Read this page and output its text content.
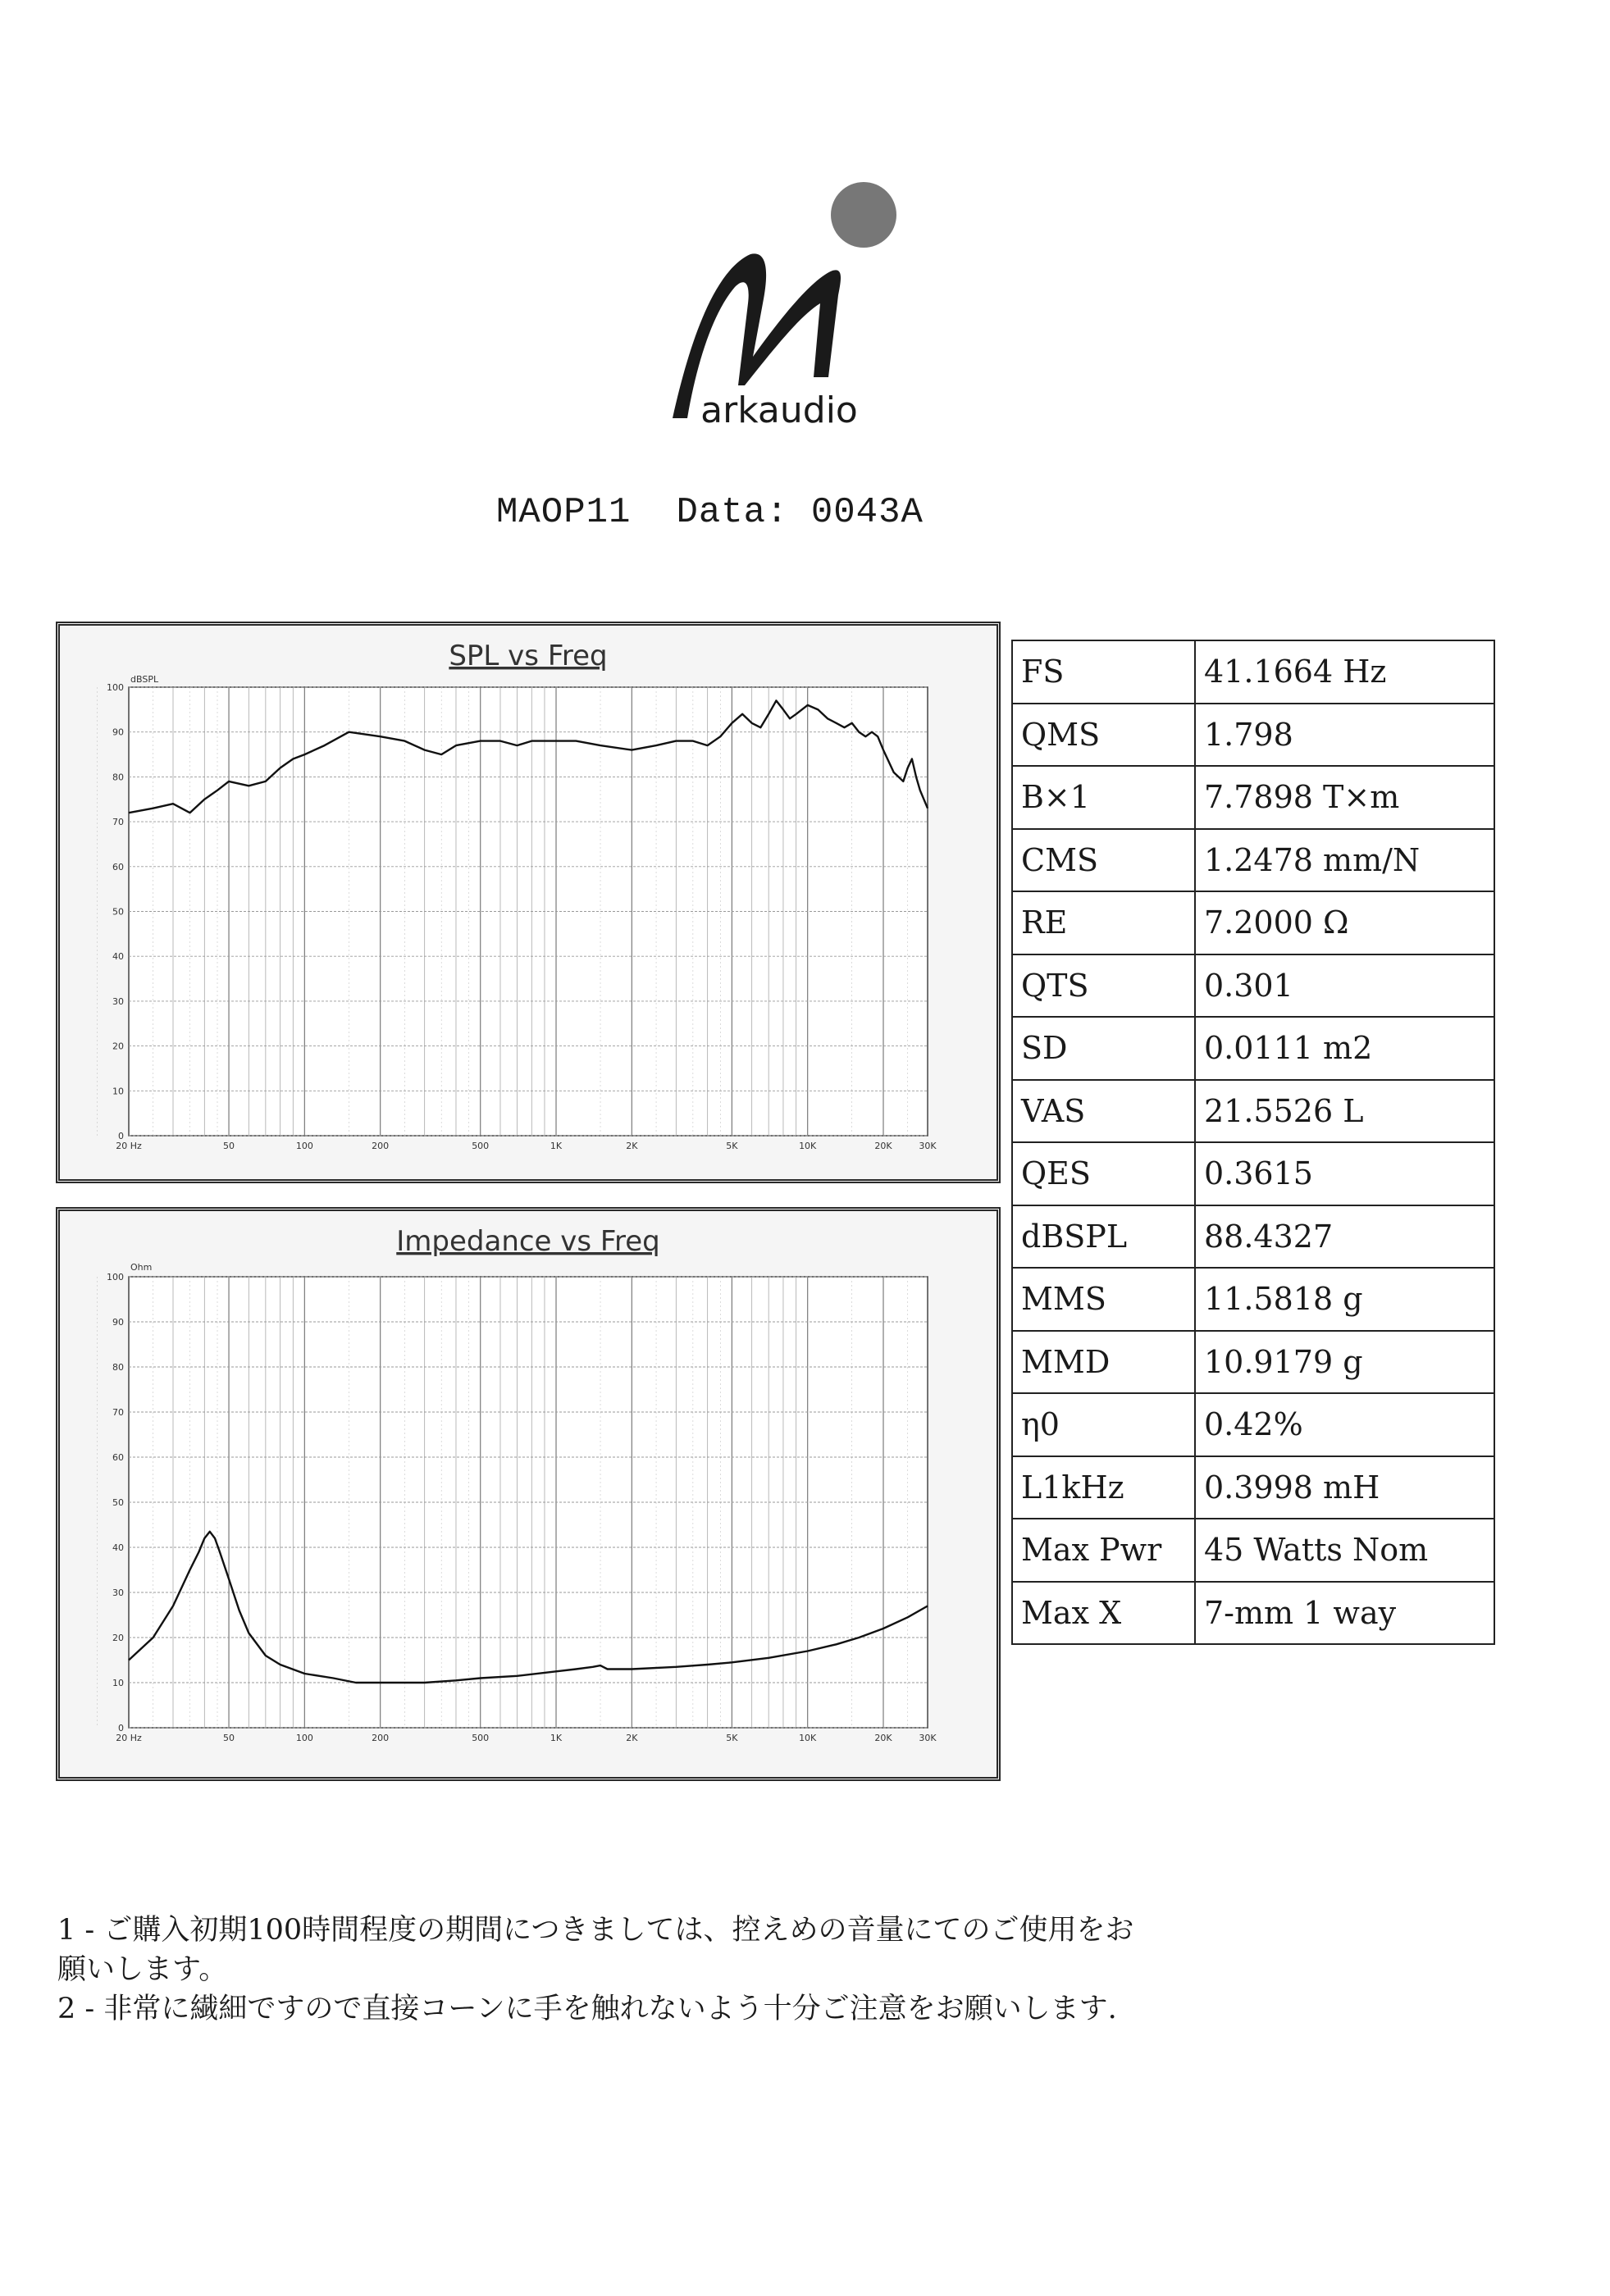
arkaudio
MAOP11 Data: 0043A
SPL vs Freq
dBSPL
0
10
20
30
40
50
60
70
80
90
100
20 Hz	50	100	200	500	1K	2K	5K	10K	20K	30K
Impedance vs Freq
Ohm
0
10
20
30
40
50
60
70
80
90
100
20 Hz	50	100	200	500	1K	2K	5K	10K	20K	30K
FS	41.1664 Hz
QMS	1.798
B×1	7.7898 T×m
CMS	1.2478 mm/N
RE	7.2000 Ω
QTS	0.301
SD	0.0111 m2
VAS	21.5526 L
QES	0.3615
dBSPL	88.4327
MMS	11.5818 g
MMD	10.9179 g
η0	0.42%
L1kHz	0.3998 mH
Max Pwr	45 Watts Nom
Max X	7-mm 1 way
1 - ご購入初期100時間程度の期間につきましては、控えめの音量にてのご使用をお
願いします。
2 - 非常に繊細ですので直接コーンに手を触れないよう十分ご注意をお願いします.
